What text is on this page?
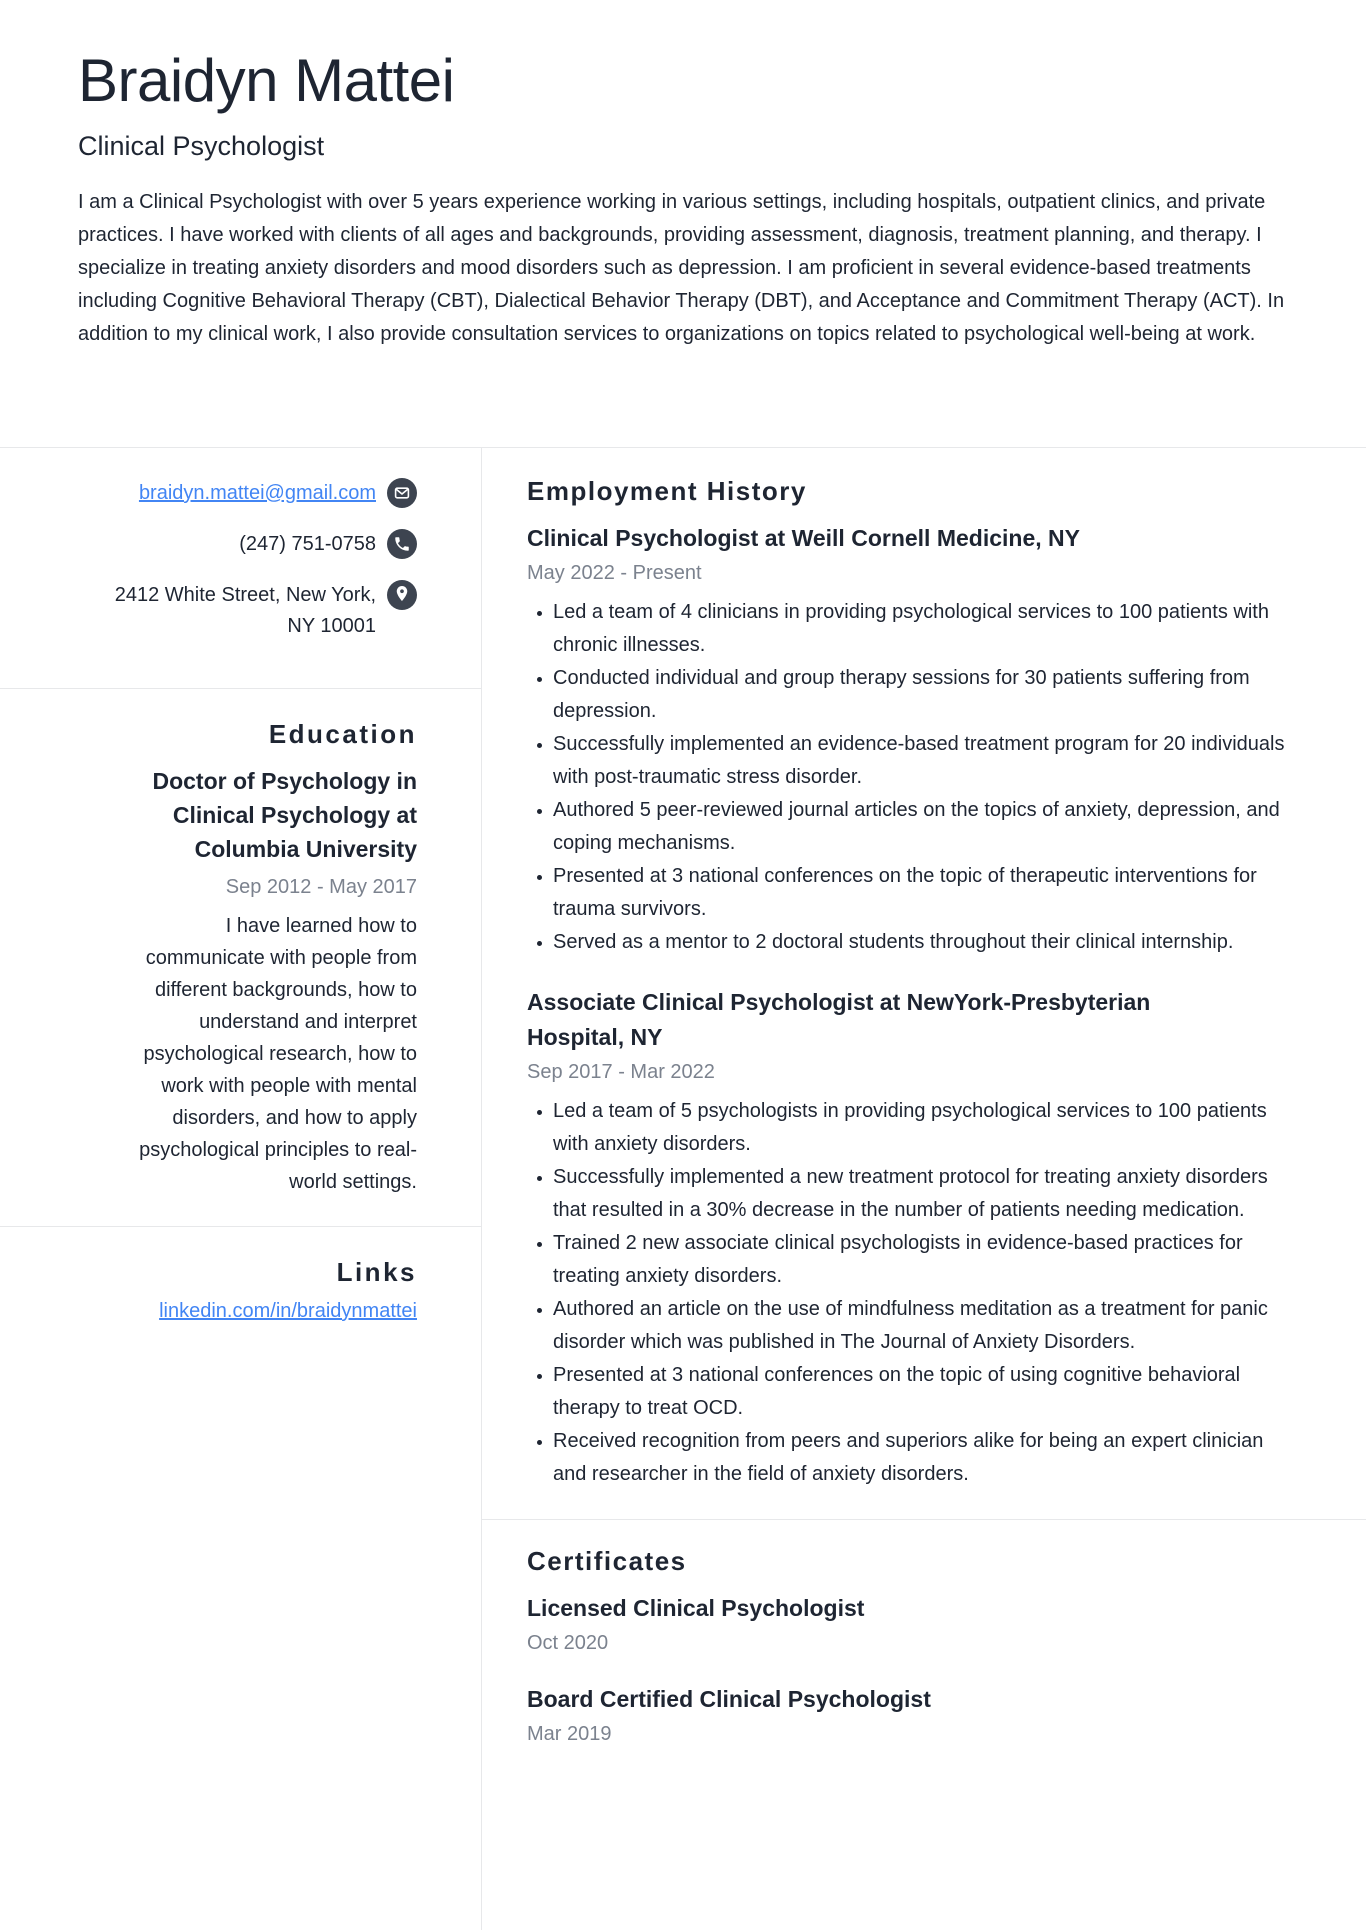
Braidyn Mattei
Clinical Psychologist

I am a Clinical Psychologist with over 5 years experience working in various settings, including hospitals, outpatient clinics, and private practices. I have worked with clients of all ages and backgrounds, providing assessment, diagnosis, treatment planning, and therapy. I specialize in treating anxiety disorders and mood disorders such as depression. I am proficient in several evidence-based treatments including Cognitive Behavioral Therapy (CBT), Dialectical Behavior Therapy (DBT), and Acceptance and Commitment Therapy (ACT). In addition to my clinical work, I also provide consultation services to organizations on topics related to psychological well-being at work.

braidyn.mattei@gmail.com
(247) 751-0758
2412 White Street, New York, NY 10001
Education
Doctor of Psychology in Clinical Psychology at Columbia University
Sep 2012 - May 2017
I have learned how to communicate with people from different backgrounds, how to understand and interpret psychological research, how to work with people with mental disorders, and how to apply psychological principles to real-world settings.
Links
linkedin.com/in/braidynmattei
Employment History
Clinical Psychologist at Weill Cornell Medicine, NY
May 2022 - Present
• Led a team of 4 clinicians in providing psychological services to 100 patients with chronic illnesses.
• Conducted individual and group therapy sessions for 30 patients suffering from depression.
• Successfully implemented an evidence-based treatment program for 20 individuals with post-traumatic stress disorder.
• Authored 5 peer-reviewed journal articles on the topics of anxiety, depression, and coping mechanisms.
• Presented at 3 national conferences on the topic of therapeutic interventions for trauma survivors.
• Served as a mentor to 2 doctoral students throughout their clinical internship.
Associate Clinical Psychologist at NewYork-Presbyterian Hospital, NY
Sep 2017 - Mar 2022
• Led a team of 5 psychologists in providing psychological services to 100 patients with anxiety disorders.
• Successfully implemented a new treatment protocol for treating anxiety disorders that resulted in a 30% decrease in the number of patients needing medication.
• Trained 2 new associate clinical psychologists in evidence-based practices for treating anxiety disorders.
• Authored an article on the use of mindfulness meditation as a treatment for panic disorder which was published in The Journal of Anxiety Disorders.
• Presented at 3 national conferences on the topic of using cognitive behavioral therapy to treat OCD.
• Received recognition from peers and superiors alike for being an expert clinician and researcher in the field of anxiety disorders.
Certificates
Licensed Clinical Psychologist
Oct 2020
Board Certified Clinical Psychologist
Mar 2019
